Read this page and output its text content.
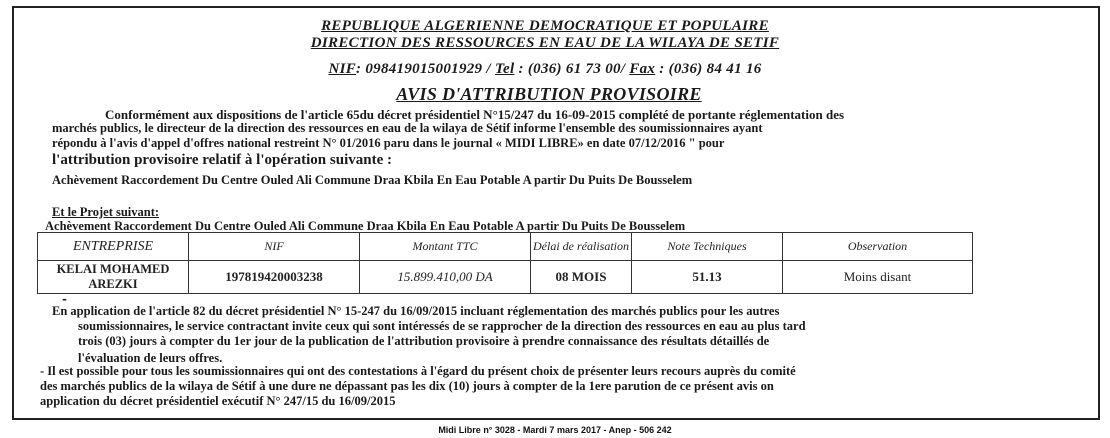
REPUBLIQUE ALGERIENNE DEMOCRATIQUE ET POPULAIRE
DIRECTION DES RESSOURCES EN EAU DE LA WILAYA DE SETIF
NIF: 098419015001929 / Tel : (036) 61 73 00/ Fax : (036) 84 41 16
AVIS D'ATTRIBUTION PROVISOIRE
Conformément aux dispositions de l'article 65du décret présidentiel N°15/247 du 16-09-2015 complété de portante réglementation des
marchés publics, le directeur de la direction des ressources en eau de la wilaya de Sétif informe l'ensemble des soumissionnaires ayant
répondu à l'avis d'appel d'offres national restreint N° 01/2016 paru dans le journal « MIDI LIBRE» en date 07/12/2016 " pour
l'attribution provisoire relatif à l'opération suivante :
Achèvement Raccordement Du Centre Ouled Ali Commune Draa Kbila En Eau Potable A partir Du Puits De Bousselem
Et le Projet suivant:
Achèvement Raccordement Du Centre Ouled Ali Commune Draa Kbila En Eau Potable A partir Du Puits De Bousselem
ENTREPRISE	NIF	Montant TTC	Délai de réalisation	Note Techniques	Observation
KELAI MOHAMED AREZKI	197819420003238	15.899.410,00 DA	08 MOIS	51.13	Moins disant
-
En application de l'article 82 du décret présidentiel N° 15-247 du 16/09/2015 incluant réglementation des marchés publics pour les autres
soumissionnaires, le service contractant invite ceux qui sont intéressés de se rapprocher de la direction des ressources en eau au plus tard
trois (03) jours à compter du 1er jour de la publication de l'attribution provisoire à prendre connaissance des résultats détaillés de
l'évaluation de leurs offres.
- Il est possible pour tous les soumissionnaires qui ont des contestations à l'égard du présent choix de présenter leurs recours auprès du comité
des marchés publics de la wilaya de Sétif à une dure ne dépassant pas les dix (10) jours à compter de la 1ere parution de ce présent avis on
application du décret présidentiel exécutif N° 247/15 du 16/09/2015
Midi Libre n° 3028 - Mardi 7 mars 2017 - Anep - 506 242
